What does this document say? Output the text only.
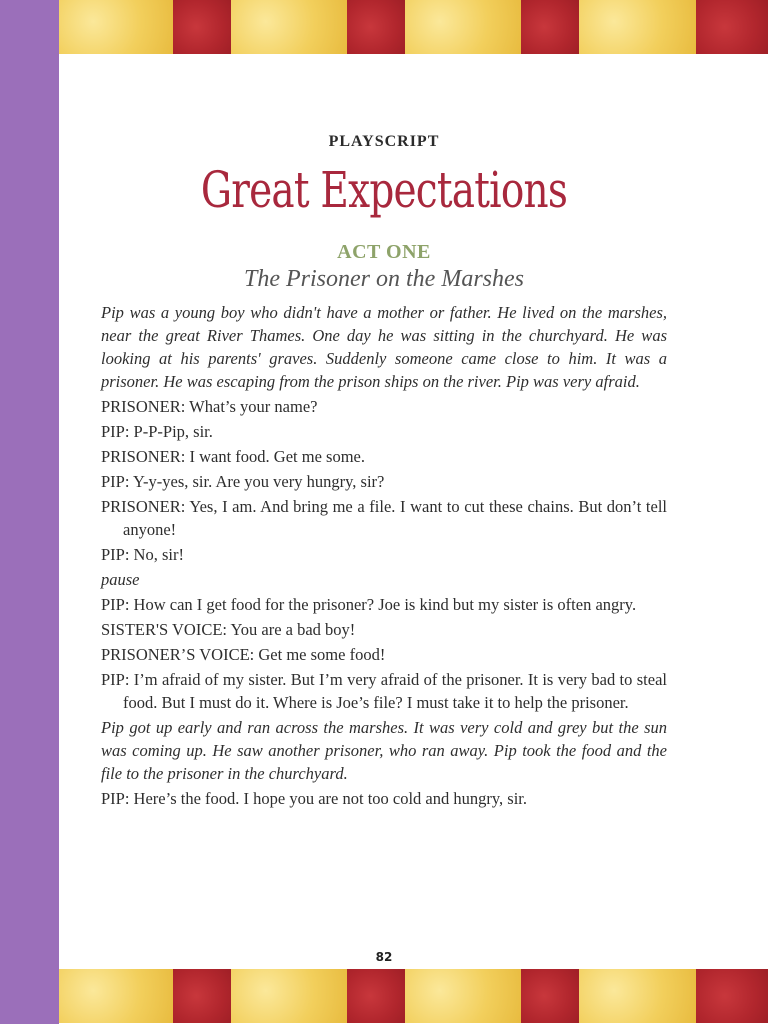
PLAYSCRIPT
Great Expectations
ACT ONE
The Prisoner on the Marshes

Pip was a young boy who didn't have a mother or father. He lived on the marshes, near the great River Thames. One day he was sitting in the churchyard. He was looking at his parents' graves. Suddenly someone came close to him. It was a prisoner. He was escaping from the prison ships on the river. Pip was very afraid.

PRISONER: What’s your name?

PIP: P-P-Pip, sir.

PRISONER: I want food. Get me some.

PIP: Y-y-yes, sir. Are you very hungry, sir?

PRISONER: Yes, I am. And bring me a file. I want to cut these chains. But don’t tell anyone!

PIP: No, sir!

pause

PIP: How can I get food for the prisoner? Joe is kind but my sister is often angry.

SISTER'S VOICE: You are a bad boy!

PRISONER’S VOICE: Get me some food!

PIP: I’m afraid of my sister. But I’m very afraid of the prisoner. It is very bad to steal food. But I must do it. Where is Joe’s file? I must take it to help the prisoner.

Pip got up early and ran across the marshes. It was very cold and grey but the sun was coming up. He saw another prisoner, who ran away. Pip took the food and the file to the prisoner in the churchyard.

PIP: Here’s the food. I hope you are not too cold and hungry, sir.

82
